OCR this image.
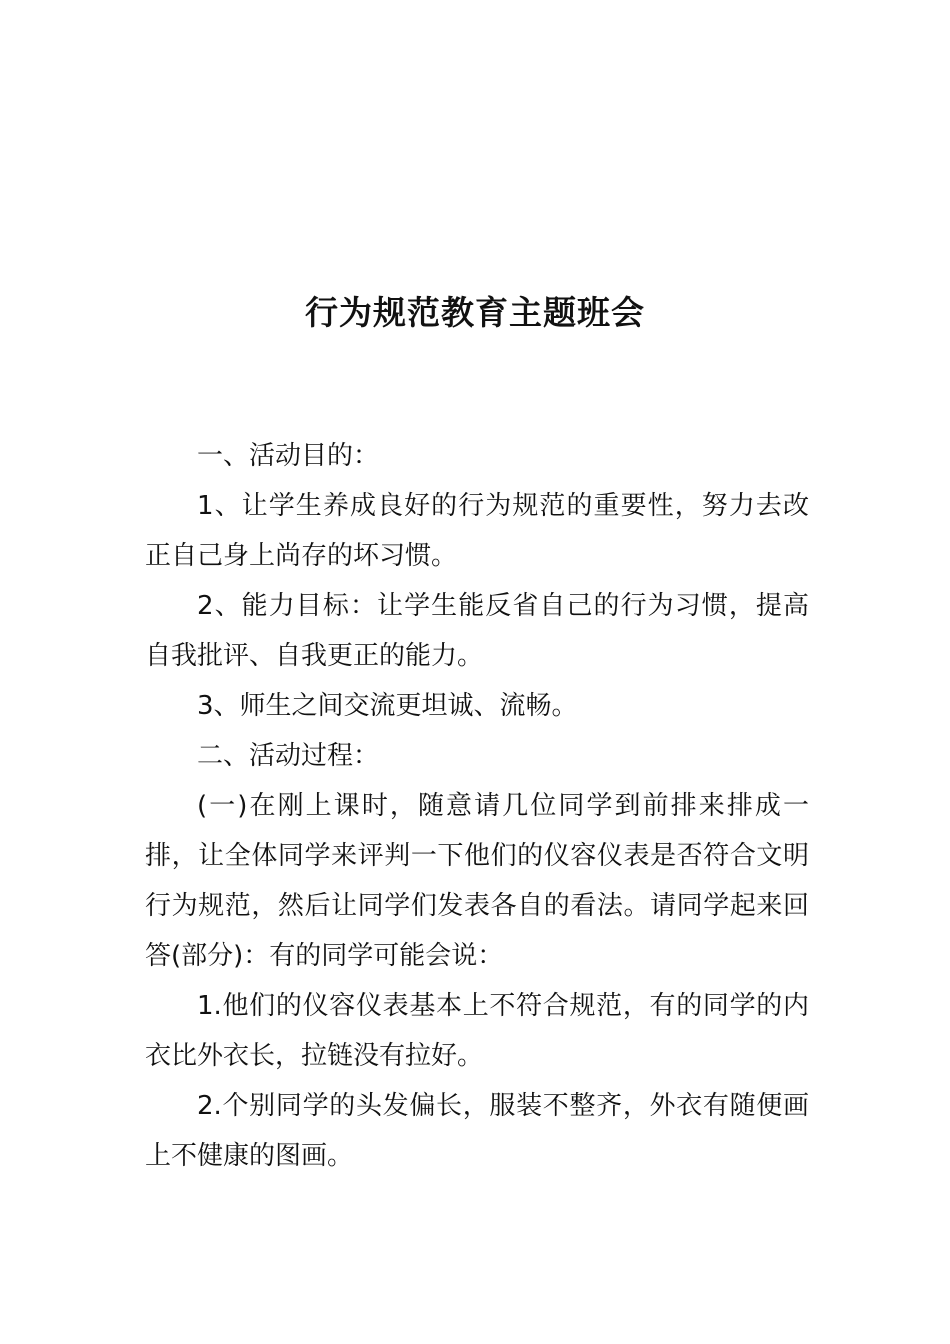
行为规范教育主题班会

一、活动目的：

1、让学生养成良好的行为规范的重要性，努力去改正自己身上尚存的坏习惯。

2、能力目标：让学生能反省自己的行为习惯，提高自我批评、自我更正的能力。

3、师生之间交流更坦诚、流畅。

二、活动过程：

(一)在刚上课时，随意请几位同学到前排来排成一排，让全体同学来评判一下他们的仪容仪表是否符合文明行为规范，然后让同学们发表各自的看法。请同学起来回答(部分)：有的同学可能会说：

1.他们的仪容仪表基本上不符合规范，有的同学的内衣比外衣长，拉链没有拉好。

2.个别同学的头发偏长，服装不整齐，外衣有随便画上不健康的图画。
